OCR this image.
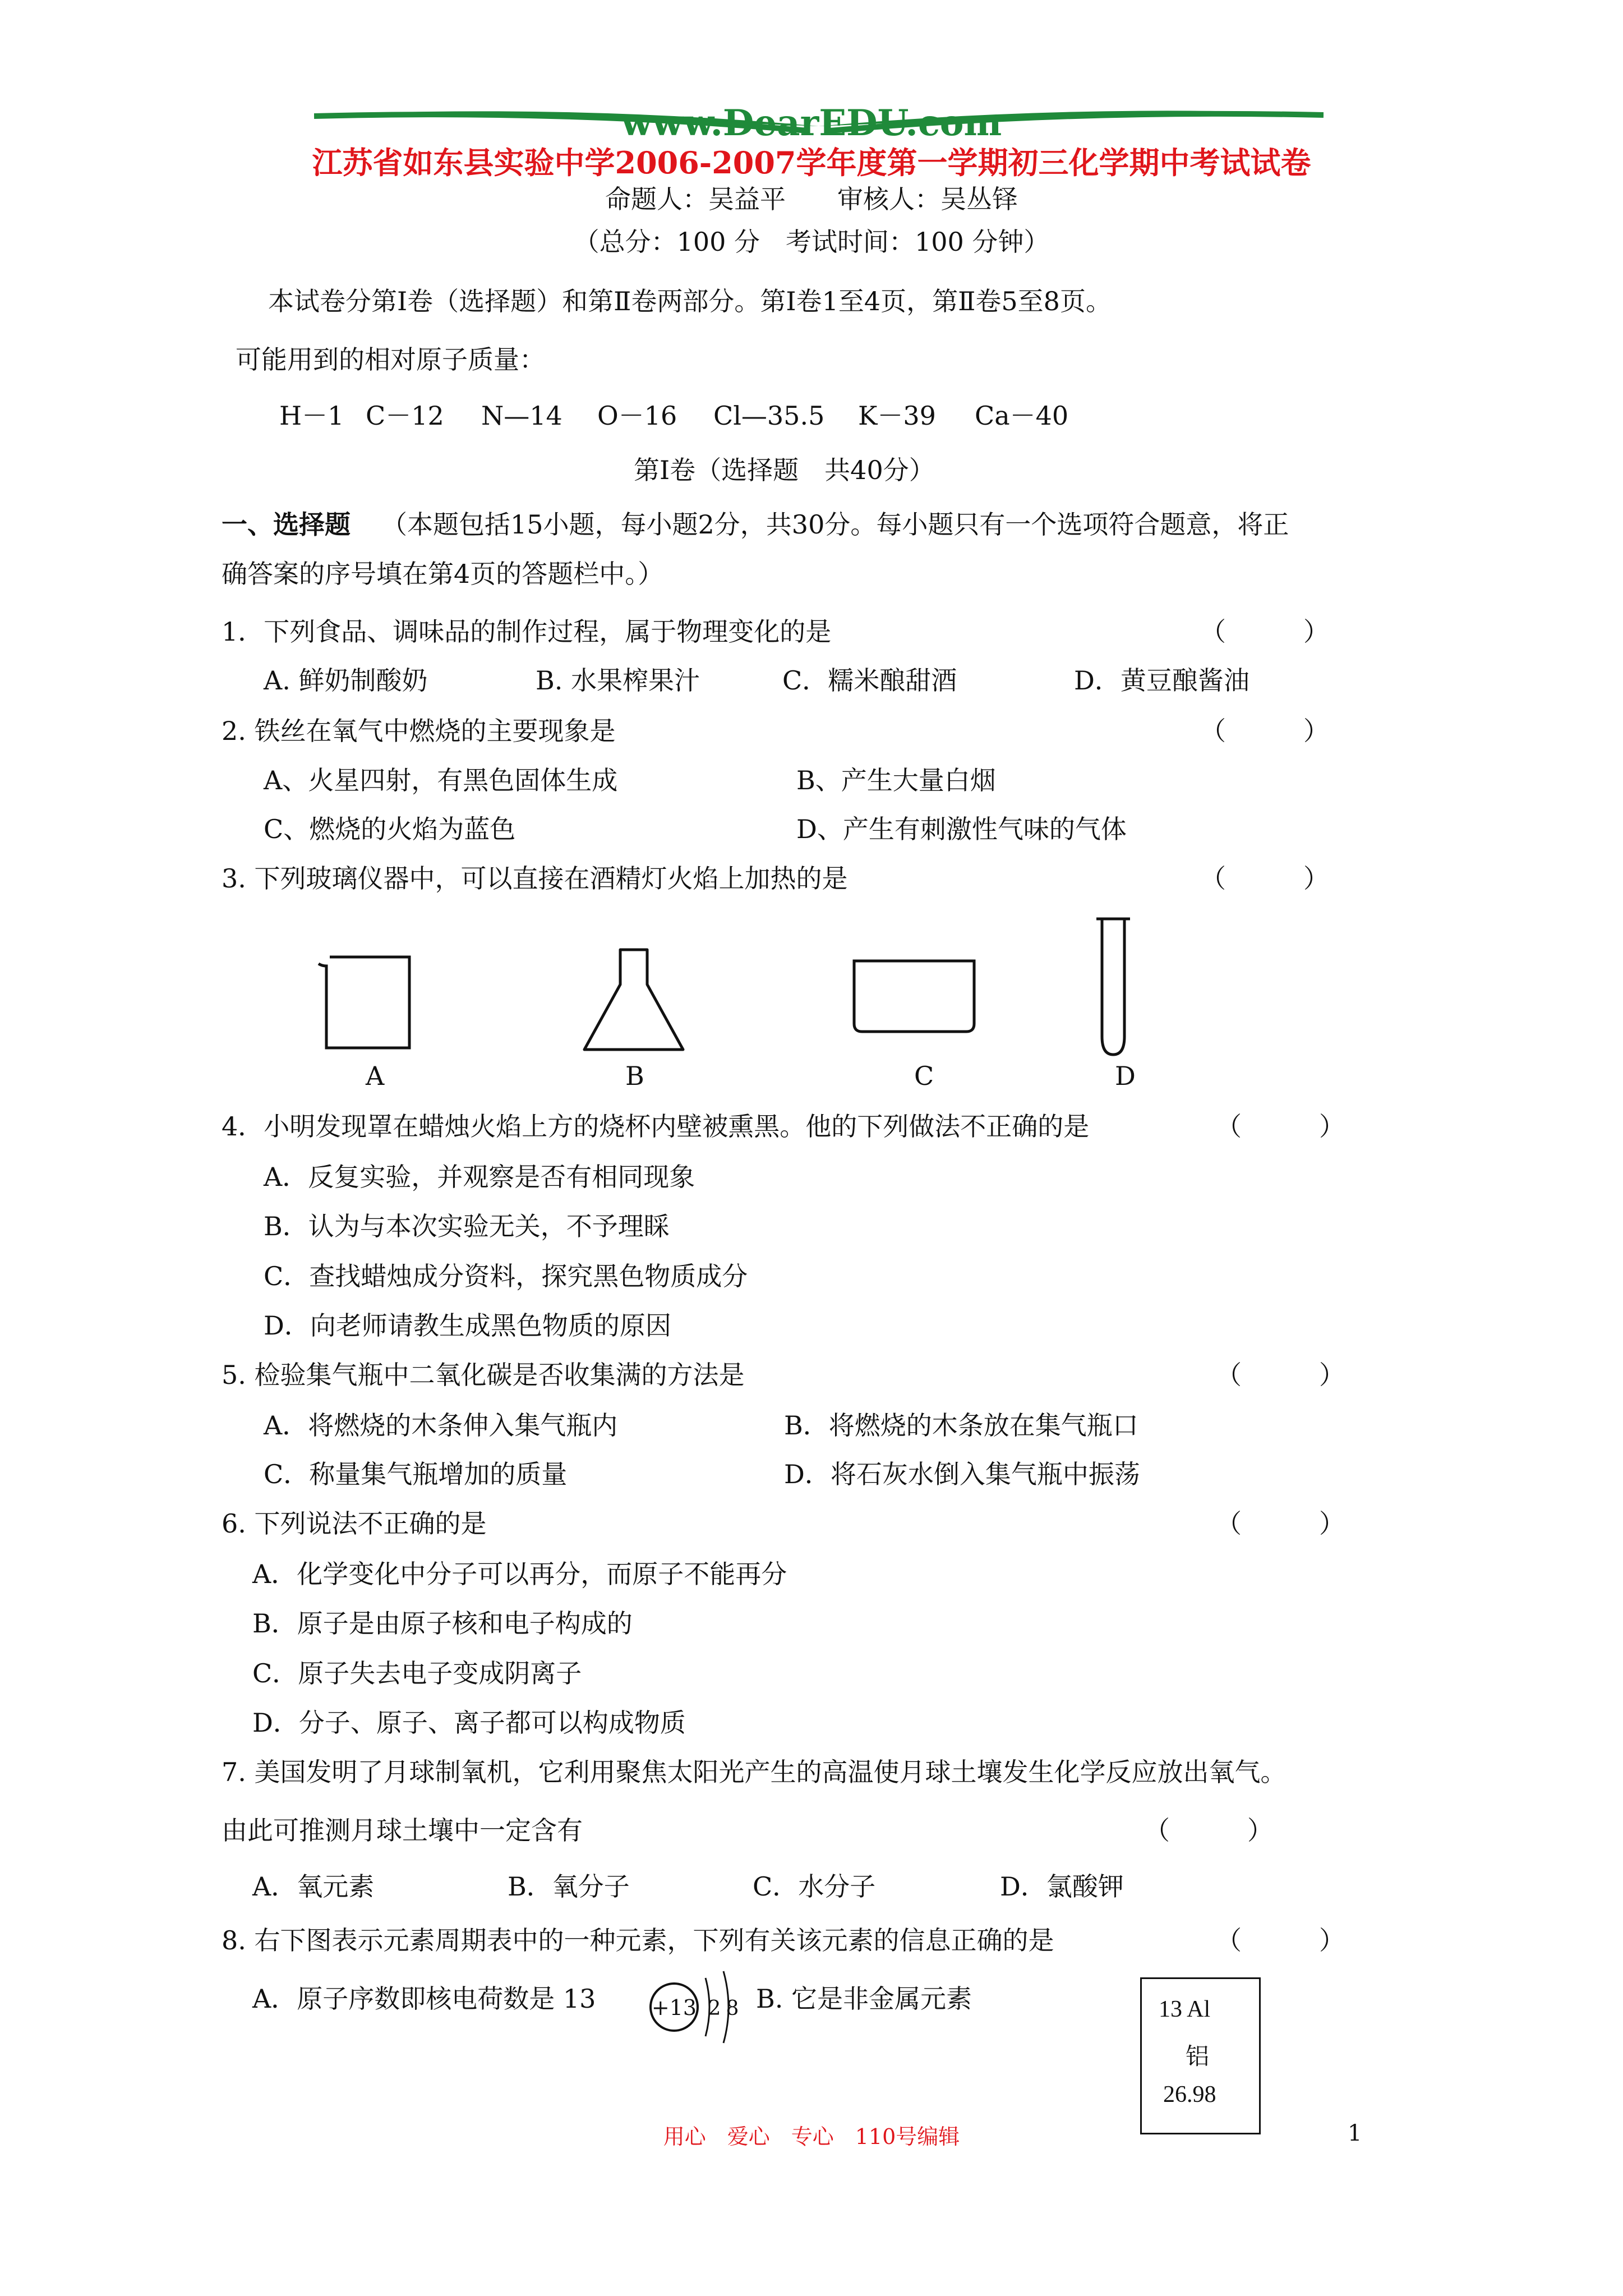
www.DearEDU.com
江苏省如东县实验中学2006-2007学年度第一学期初三化学期中考试试卷
命题人：吴益平　　审核人：吴丛铎
（总分：100 分　考试时间：100 分钟）
本试卷分第Ⅰ卷（选择题）和第Ⅱ卷两部分。第Ⅰ卷1至4页，第Ⅱ卷5至8页。
可能用到的相对原子质量：
H－1 C－12 N—14 O－16 Cl—35.5 K－39 Ca－40
第Ⅰ卷（选择题　共40分）
一、选择题 （本题包括15小题，每小题2分，共30分。每小题只有一个选项符合题意，将正
确答案的序号填在第4页的答题栏中。）
1．下列食品、调味品的制作过程，属于物理变化的是	（　　　）
A. 鲜奶制酸奶	B. 水果榨果汁	C．糯米酿甜酒	D．黄豆酿酱油
2. 铁丝在氧气中燃烧的主要现象是	（　　　）
A、火星四射，有黑色固体生成	B、产生大量白烟
C、燃烧的火焰为蓝色	D、产生有刺激性气味的气体
3. 下列玻璃仪器中，可以直接在酒精灯火焰上加热的是	（　　　）
A	B	C	D
4．小明发现罩在蜡烛火焰上方的烧杯内壁被熏黑。他的下列做法不正确的是	（　　　）
A．反复实验，并观察是否有相同现象
B．认为与本次实验无关，不予理睬
C．查找蜡烛成分资料，探究黑色物质成分
D．向老师请教生成黑色物质的原因
5. 检验集气瓶中二氧化碳是否收集满的方法是	（　　　）
A．将燃烧的木条伸入集气瓶内	B．将燃烧的木条放在集气瓶口
C．称量集气瓶增加的质量	D．将石灰水倒入集气瓶中振荡
6. 下列说法不正确的是	（　　　）
A．化学变化中分子可以再分，而原子不能再分
B．原子是由原子核和电子构成的
C．原子失去电子变成阴离子
D．分子、原子、离子都可以构成物质
7. 美国发明了月球制氧机，它利用聚焦太阳光产生的高温使月球土壤发生化学反应放出氧气。
由此可推测月球土壤中一定含有	（　　　）
A．氧元素	B．氧分子	C．水分子	D．氯酸钾
8. 右下图表示元素周期表中的一种元素，下列有关该元素的信息正确的是	（　　　）
A．原子序数即核电荷数是 13	+13 2 8 B. 它是非金属元素	13 Al
铝
26.98
用心　爱心　专心　110号编辑	1
